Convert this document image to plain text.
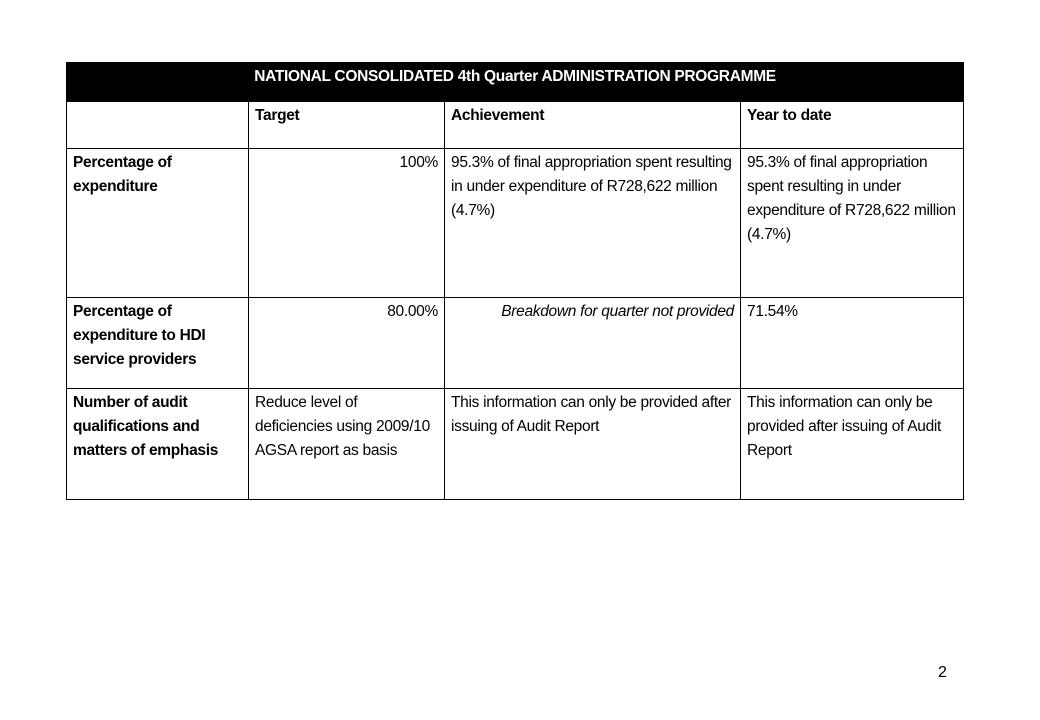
NATIONAL CONSOLIDATED 4th Quarter ADMINISTRATION PROGRAMME			
	Target	Achievement	Year to date
Percentage of expenditure	100%	95.3% of final appropriation spent resulting in under expenditure of R728,622 million (4.7%)	95.3% of final appropriation spent resulting in under expenditure of R728,622 million (4.7%)
Percentage of expenditure to HDI service providers	80.00%	Breakdown for quarter not provided	71.54%
Number of audit qualifications and matters of emphasis	Reduce level of deficiencies using 2009/10 AGSA report as basis	This information can only be provided after issuing of Audit Report	This information can only be provided after issuing of Audit Report
2
